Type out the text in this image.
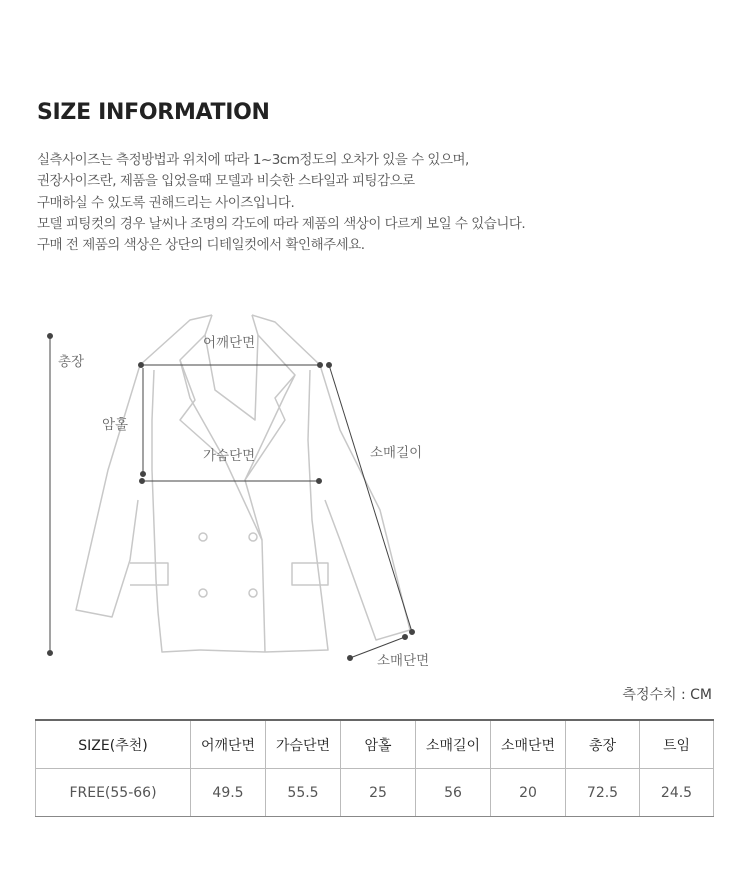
SIZE INFORMATION

실측사이즈는 측정방법과 위치에 따라 1~3cm정도의 오차가 있을 수 있으며,

권장사이즈란, 제품을 입었을때 모델과 비슷한 스타일과 피팅감으로

구매하실 수 있도록 권해드리는 사이즈입니다.

모델 피팅컷의 경우 날씨나 조명의 각도에 따라 제품의 색상이 다르게 보일 수 있습니다.

구매 전 제품의 색상은 상단의 디테일컷에서 확인해주세요.

총장
암홀
어깨단면
가슴단면	소매길이
소매단면
측정수치 : CM
SIZE(추천)	어깨단면	가슴단면	암홀	소매길이	소매단면	총장	트임
FREE(55-66)	49.5	55.5	25	56	20	72.5	24.5
